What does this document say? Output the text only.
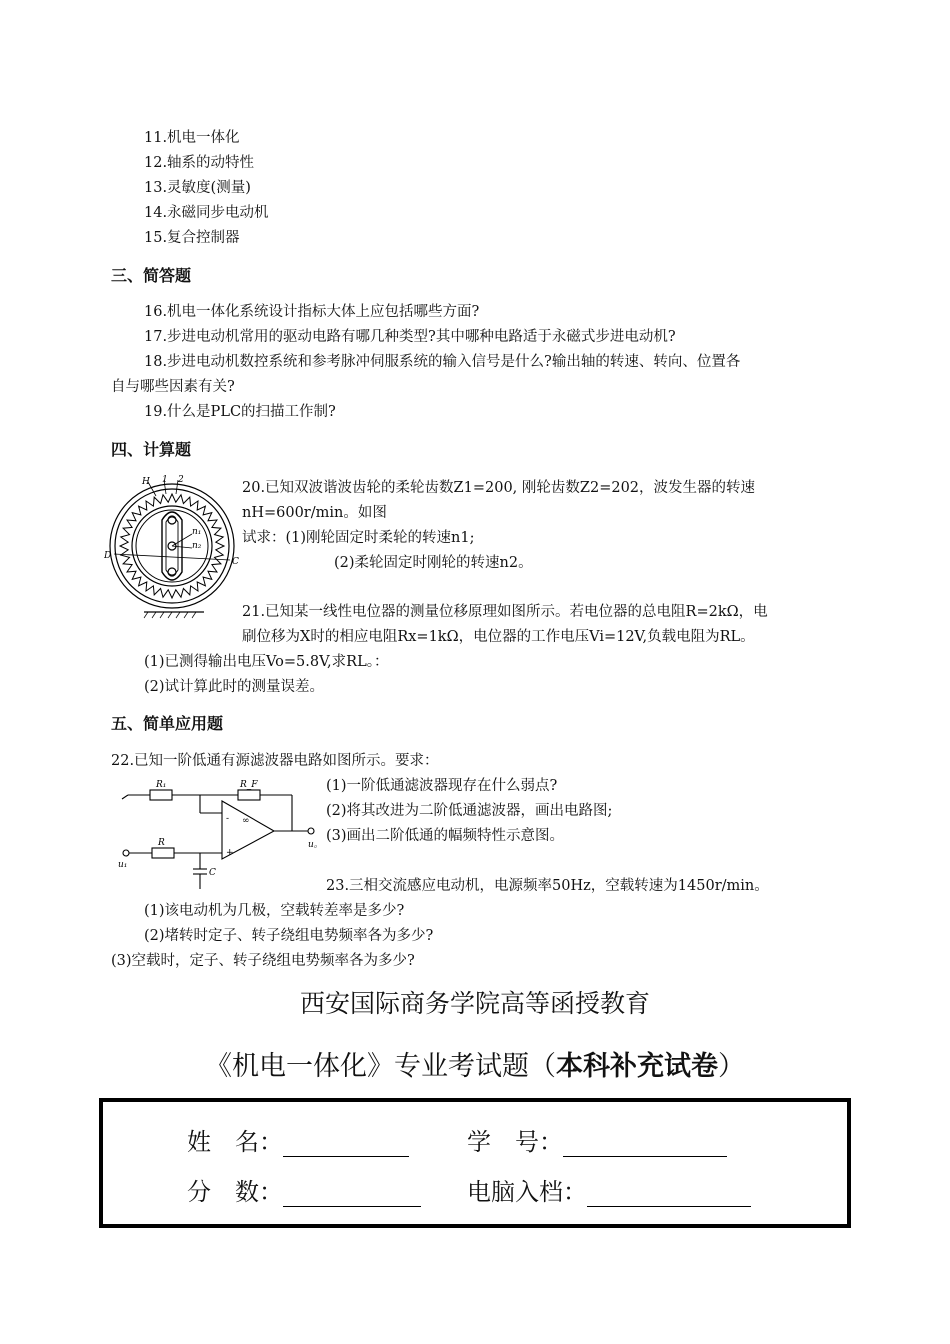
11.机电一体化
12.轴系的动特性
13.灵敏度(测量)
14.永磁同步电动机
15.复合控制器
三、简答题
16.机电一体化系统设计指标大体上应包括哪些方面?
17.步进电动机常用的驱动电路有哪几种类型?其中哪种电路适于永磁式步进电动机?
18.步进电动机数控系统和参考脉冲伺服系统的输入信号是什么?输出轴的转速、转向、位置各
自与哪些因素有关?
19.什么是PLC的扫描工作制?
四、计算题
H 1 2
D
C
n₁
n₂
20.已知双波谐波齿轮的柔轮齿数Z1=200, 刚轮齿数Z2=202，波发生器的转速
nH=600r/min。如图
试求：(1)刚轮固定时柔轮的转速n1;
(2)柔轮固定时刚轮的转速n2。
21.已知某一线性电位器的测量位移原理如图所示。若电位器的总电阻R=2kΩ，电
刷位移为X时的相应电阻Rx=1kΩ，电位器的工作电压Vi=12V,负载电阻为RL。
(1)已测得输出电压Vo=5.8V,求RL。：
(2)试计算此时的测量误差。
五、简单应用题
22.已知一阶低通有源滤波器电路如图所示。要求：
R₁	R_F
R
C
u₁
u。
-
+
∞
(1)一阶低通滤波器现存在什么弱点?
(2)将其改进为二阶低通滤波器，画出电路图;
(3)画出二阶低通的幅频特性示意图。
23.三相交流感应电动机，电源频率50Hz，空载转速为1450r/min。
(1)该电动机为几极，空载转差率是多少?
(2)堵转时定子、转子绕组电势频率各为多少?
(3)空载时，定子、转子绕组电势频率各为多少?
西安国际商务学院高等函授教育
《机电一体化》专业考试题（本科补充试卷）
姓　名：	学　号：
分　数：	电脑入档：
